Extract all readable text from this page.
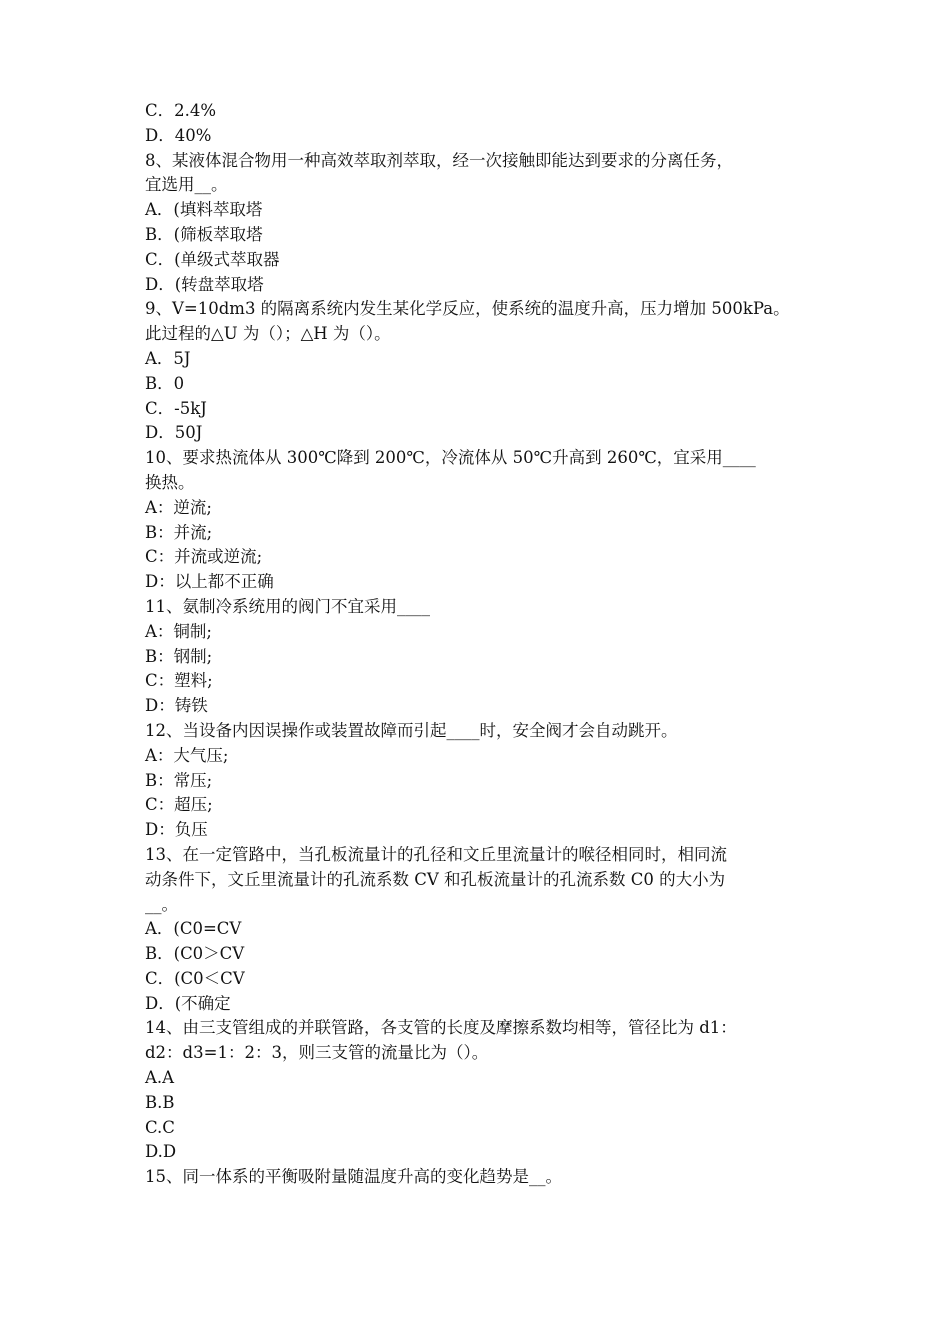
C．2.4%
D．40%
8、某液体混合物用一种高效萃取剂萃取，经一次接触即能达到要求的分离任务，
宜选用__。
A．(填料萃取塔
B．(筛板萃取塔
C．(单级式萃取器
D．(转盘萃取塔
9、V=10dm3 的隔离系统内发生某化学反应，使系统的温度升高，压力增加 500kPa。
此过程的△U 为（）；△H 为（）。
A．5J
B．0
C．-5kJ
D．50J
10、要求热流体从 300℃降到 200℃，冷流体从 50℃升高到 260℃，宜采用____
换热。
A：逆流;
B：并流;
C：并流或逆流;
D：以上都不正确
11、氨制冷系统用的阀门不宜采用____
A：铜制;
B：钢制;
C：塑料;
D：铸铁
12、当设备内因误操作或装置故障而引起____时，安全阀才会自动跳开。
A：大气压;
B：常压;
C：超压;
D：负压
13、在一定管路中，当孔板流量计的孔径和文丘里流量计的喉径相同时，相同流
动条件下，文丘里流量计的孔流系数 CV 和孔板流量计的孔流系数 C0 的大小为
__。
A．(C0=CV
B．(C0＞CV
C．(C0＜CV
D．(不确定
14、由三支管组成的并联管路，各支管的长度及摩擦系数均相等，管径比为 d1：
d2：d3=1：2：3，则三支管的流量比为（）。
A.A
B.B
C.C
D.D
15、同一体系的平衡吸附量随温度升高的变化趋势是__。
